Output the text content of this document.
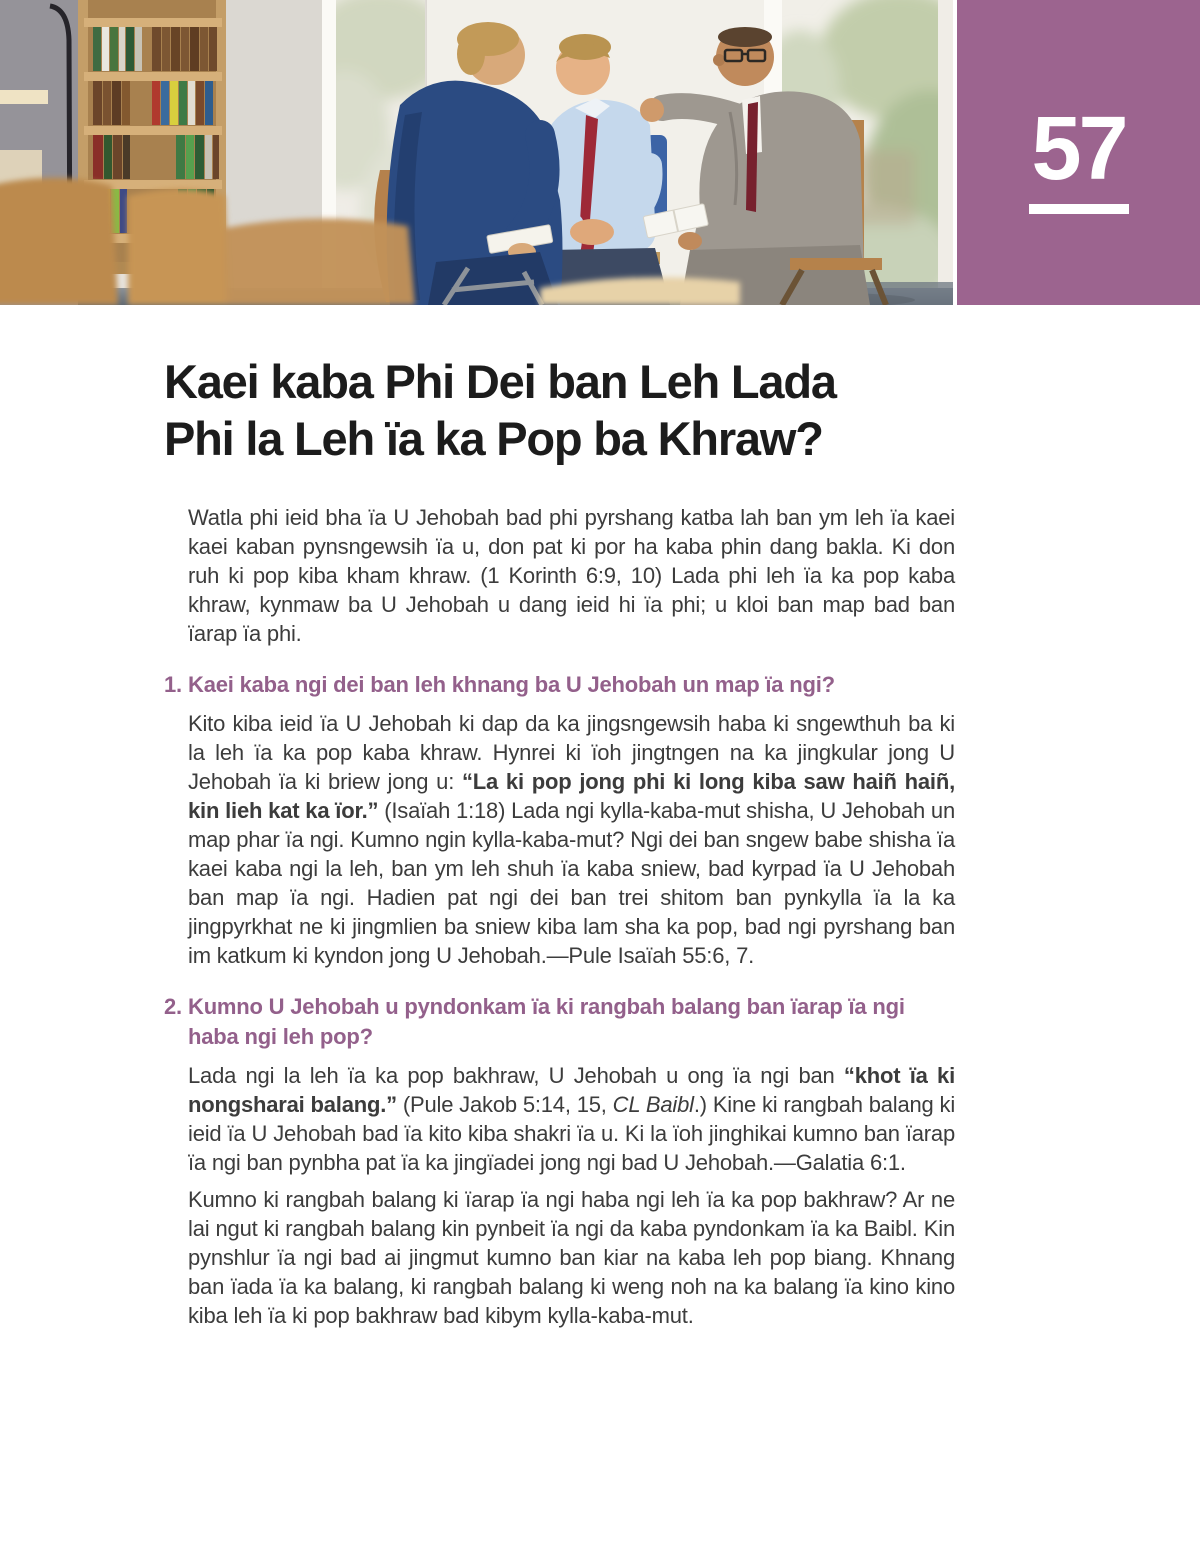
57
Kaei kaba Phi Dei ban Leh Lada
Phi la Leh ïa ka Pop ba Khraw?

Watla phi ieid bha ïa U Jehobah bad phi pyrshang katba lah ban ym leh ïa kaei kaei kaban pynsngewsih ïa u, don pat ki por ha kaba phin dang bakla. Ki don ruh ki pop kiba kham khraw. (1 Korinth 6:9, 10) Lada phi leh ïa ka pop kaba khraw, kynmaw ba U Jehobah u dang ieid hi ïa phi; u kloi ban map bad ban ïarap ïa phi.

1. Kaei kaba ngi dei ban leh khnang ba U Jehobah un map ïa ngi?

Kito kiba ieid ïa U Jehobah ki dap da ka jingsngewsih haba ki sngewthuh ba ki la leh ïa ka pop kaba khraw. Hynrei ki ïoh jingtngen na ka jingkular jong U Jehobah ïa ki briew jong u: “La ki pop jong phi ki long kiba saw haiñ haiñ, kin lieh kat ka ïor.” (Isaïah 1:18) Lada ngi kylla-kaba-mut shisha, U Jehobah un map phar ïa ngi. Kumno ngin kylla-kaba-mut? Ngi dei ban sngew babe shisha ïa kaei kaba ngi la leh, ban ym leh shuh ïa kaba sniew, bad kyrpad ïa U Jehobah ban map ïa ngi. Hadien pat ngi dei ban trei shitom ban pynkylla ïa la ka jingpyrkhat ne ki jingmlien ba sniew kiba lam sha ka pop, bad ngi pyrshang ban im katkum ki kyndon jong U Jehobah.—Pule Isaïah 55:6, 7.

2. Kumno U Jehobah u pyndonkam ïa ki rangbah balang ban ïarap ïa ngi haba ngi leh pop?

Lada ngi la leh ïa ka pop bakhraw, U Jehobah u ong ïa ngi ban “khot ïa ki nongsharai balang.” (Pule Jakob 5:14, 15, CL Baibl.) Kine ki rangbah balang ki ieid ïa U Jehobah bad ïa kito kiba shakri ïa u. Ki la ïoh jinghikai kumno ban ïarap ïa ngi ban pynbha pat ïa ka jingïadei jong ngi bad U Jehobah.—Galatia 6:1.

Kumno ki rangbah balang ki ïarap ïa ngi haba ngi leh ïa ka pop bakhraw? Ar ne lai ngut ki rangbah balang kin pynbeit ïa ngi da kaba pyndonkam ïa ka Baibl. Kin pynshlur ïa ngi bad ai jingmut kumno ban kiar na kaba leh pop biang. Khnang ban ïada ïa ka balang, ki rangbah balang ki weng noh na ka balang ïa kino kino kiba leh ïa ki pop bakhraw bad kibym kylla-kaba-mut.
